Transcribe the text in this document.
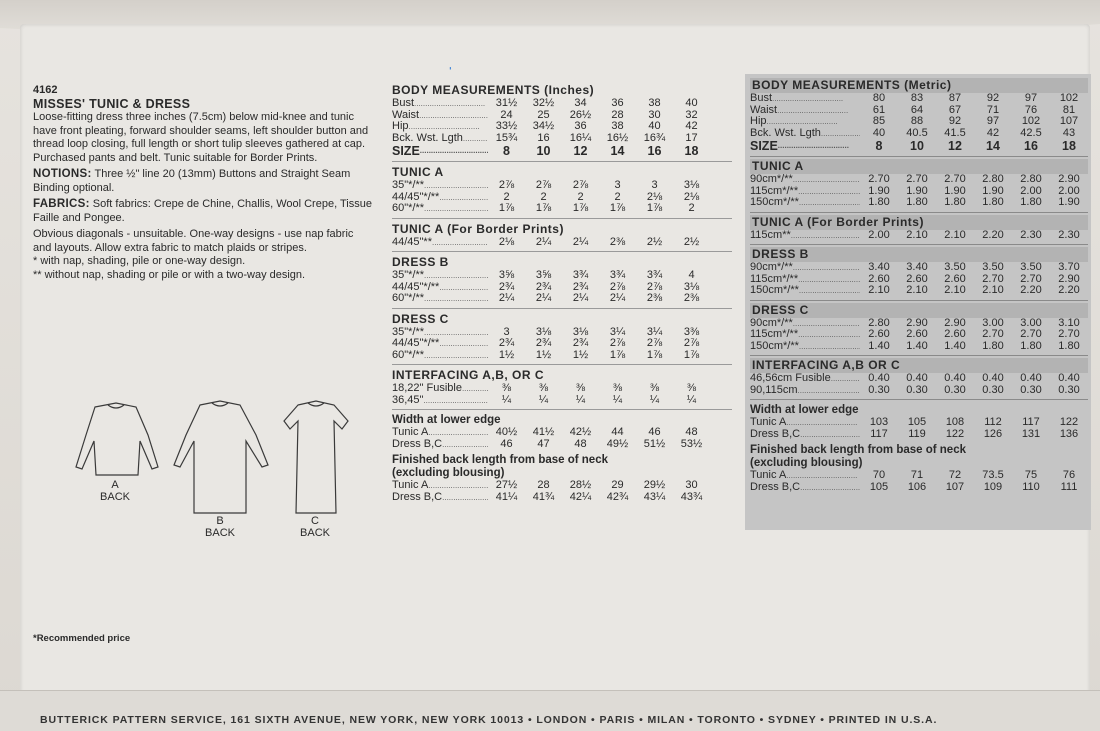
ˈ
4162
MISSES' TUNIC & DRESS

Loose-fitting dress three inches (7.5cm) below mid-knee and tunic have front pleating, forward shoulder seams, left shoulder button and thread loop closing, full length or short tulip sleeves gathered at cap. Purchased pants and belt. Tunic suitable for Border Prints.

NOTIONS: Three ½" line 20 (13mm) Buttons and Straight Seam Binding optional.

FABRICS: Soft fabrics: Crepe de Chine, Challis, Wool Crepe, Tissue Faille and Pongee.

Obvious diagonals - unsuitable. One-way designs - use nap fabric and layouts. Allow extra fabric to match plaids or stripes.

* with nap, shading, pile or one-way design.

** without nap, shading or pile or with a two-way design.

A
BACK
B
BACK
C
BACK
*Recommended price
BODY MEASUREMENTS (Inches)
Bust .....	31½	32½	34	36	38	40
Waist .....	24	25	26½	28	30	32
Hip .....	33½	34½	36	38	40	42
Bck. Wst. Lgth .....	15¾	16	16¼	16½	16¾	17
SIZE .....	8	10	12	14	16	18
TUNIC A
35"*/** .....	2⅞	2⅞	2⅞	3	3	3⅛
44/45"*/** .....	2	2	2	2	2⅛	2⅛
60"*/** .....	1⅞	1⅞	1⅞	1⅞	1⅞	2
TUNIC A (For Border Prints)
44/45"** .....	2⅛	2¼	2¼	2⅜	2½	2½
DRESS B
35"*/** .....	3⅝	3⅝	3¾	3¾	3¾	4
44/45"*/** .....	2¾	2¾	2¾	2⅞	2⅞	3⅛
60"*/** .....	2¼	2¼	2¼	2¼	2⅜	2⅜
DRESS C
35"*/** .....	3	3⅛	3⅛	3¼	3¼	3⅜
44/45"*/** .....	2¾	2¾	2¾	2⅞	2⅞	2⅞
60"*/** .....	1½	1½	1½	1⅞	1⅞	1⅞
INTERFACING A,B, OR C
18,22" Fusible .....	⅜	⅜	⅜	⅜	⅜	⅜
36,45" .....	¼	¼	¼	¼	¼	¼
Width at lower edge
Tunic A .....	40½	41½	42½	44	46	48
Dress B,C .....	46	47	48	49½	51½	53½
Finished back length from base of neck
(excluding blousing)
Tunic A .....	27½	28	28½	29	29½	30
Dress B,C .....	41¼	41¾	42¼	42¾	43¼	43¾
BODY MEASUREMENTS (Metric)
Bust .....	80	83	87	92	97	102
Waist .....	61	64	67	71	76	81
Hip .....	85	88	92	97	102	107
Bck. Wst. Lgth .....	40	40.5	41.5	42	42.5	43
SIZE .....	8	10	12	14	16	18
TUNIC A
90cm*/** .....	2.70	2.70	2.70	2.80	2.80	2.90
115cm*/** .....	1.90	1.90	1.90	1.90	2.00	2.00
150cm*/** .....	1.80	1.80	1.80	1.80	1.80	1.90
TUNIC A (For Border Prints)
115cm** .....	2.00	2.10	2.10	2.20	2.30	2.30
DRESS B
90cm*/** .....	3.40	3.40	3.50	3.50	3.50	3.70
115cm*/** .....	2.60	2.60	2.60	2.70	2.70	2.90
150cm*/** .....	2.10	2.10	2.10	2.10	2.20	2.20
DRESS C
90cm*/** .....	2.80	2.90	2.90	3.00	3.00	3.10
115cm*/** .....	2.60	2.60	2.60	2.70	2.70	2.70
150cm*/** .....	1.40	1.40	1.40	1.80	1.80	1.80
INTERFACING A,B OR C
46,56cm Fusible .....	0.40	0.40	0.40	0.40	0.40	0.40
90,115cm .....	0.30	0.30	0.30	0.30	0.30	0.30
Width at lower edge
Tunic A .....	103	105	108	112	117	122
Dress B,C .....	117	119	122	126	131	136
Finished back length from base of neck
(excluding blousing)
Tunic A .....	70	71	72	73.5	75	76
Dress B,C .....	105	106	107	109	110	111
BUTTERICK PATTERN SERVICE, 161 SIXTH AVENUE, NEW YORK, NEW YORK 10013 • LONDON • PARIS • MILAN • TORONTO • SYDNEY • PRINTED IN U.S.A.
